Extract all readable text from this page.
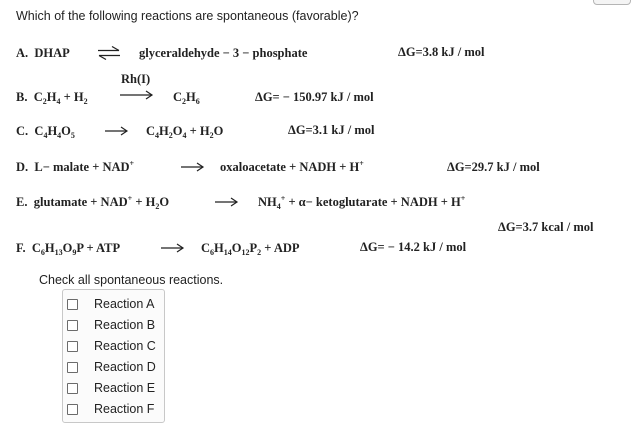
Which of the following reactions are spontaneous (favorable)?
A. DHAP ⇌ glyceraldehyde − 3 − phosphate	ΔG=3.8 kJ / mol
Rh(I)
B. $C_2H_4 + H_2 \to C_2H_6$	ΔG= − 150.97 kJ / mol
C. $C_4H_4O_5 \to C_4H_2O_4 + H_2O$	ΔG=3.1 kJ / mol
D. L− malate + NAD+	→ oxaloacetate + NADH + H+	ΔG=29.7 kJ / mol
E. glutamate + $NAD^+ + H_2O$	→ $NH_4^+ + \alpha-$ ketoglutarate + NADH + H+
ΔG=3.7 kcal / mol
F. $C_6H_{13}O_9P$ + ATP → $C_6H_{14}O_{12}P_2$ + ADP	ΔG= − 14.2 kJ / mol
Check all spontaneous reactions.
Reaction A
Reaction B
Reaction C
Reaction D
Reaction E
Reaction F
